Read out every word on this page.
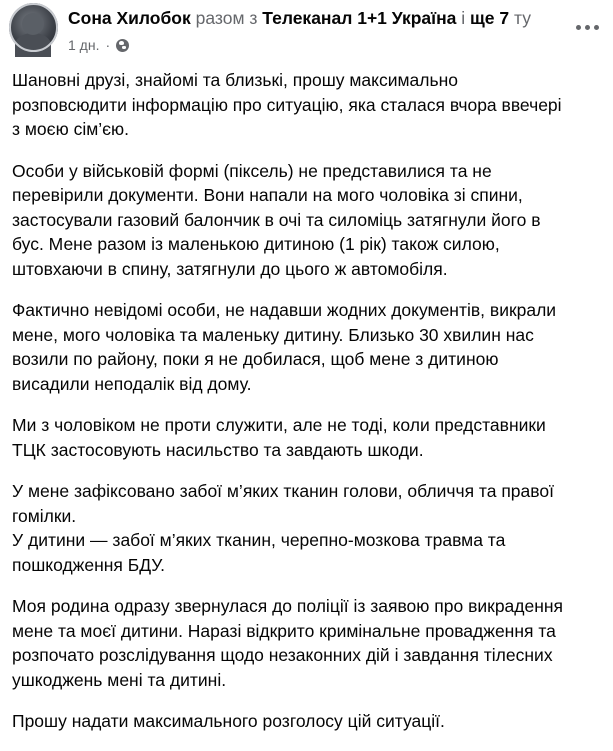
Сона Хилобок разом з Телеканал 1+1 Україна і ще 7 ту
1 дн. ·

Шановні друзі, знайомі та близькі, прошу максимально
розповсюдити інформацію про ситуацію, яка сталася вчора ввечері
з моєю сім’єю.

Особи у військовій формі (піксель) не представилися та не
перевірили документи. Вони напали на мого чоловіка зі спини,
застосували газовий балончик в очі та силоміць затягнули його в
бус. Мене разом із маленькою дитиною (1 рік) також силою,
штовхаючи в спину, затягнули до цього ж автомобіля.

Фактично невідомі особи, не надавши жодних документів, викрали
мене, мого чоловіка та маленьку дитину. Близько 30 хвилин нас
возили по району, поки я не добилася, щоб мене з дитиною
висадили неподалік від дому.

Ми з чоловіком не проти служити, але не тоді, коли представники
ТЦК застосовують насильство та завдають шкоди.

У мене зафіксовано забої м’яких тканин голови, обличчя та правої
гомілки.
У дитини — забої м’яких тканин, черепно-мозкова травма та
пошкодження БДУ.

Моя родина одразу звернулася до поліції із заявою про викрадення
мене та моєї дитини. Наразі відкрито кримінальне провадження та
розпочато розслідування щодо незаконних дій і завдання тілесних
ушкоджень мені та дитині.

Прошу надати максимального розголосу цій ситуації.
